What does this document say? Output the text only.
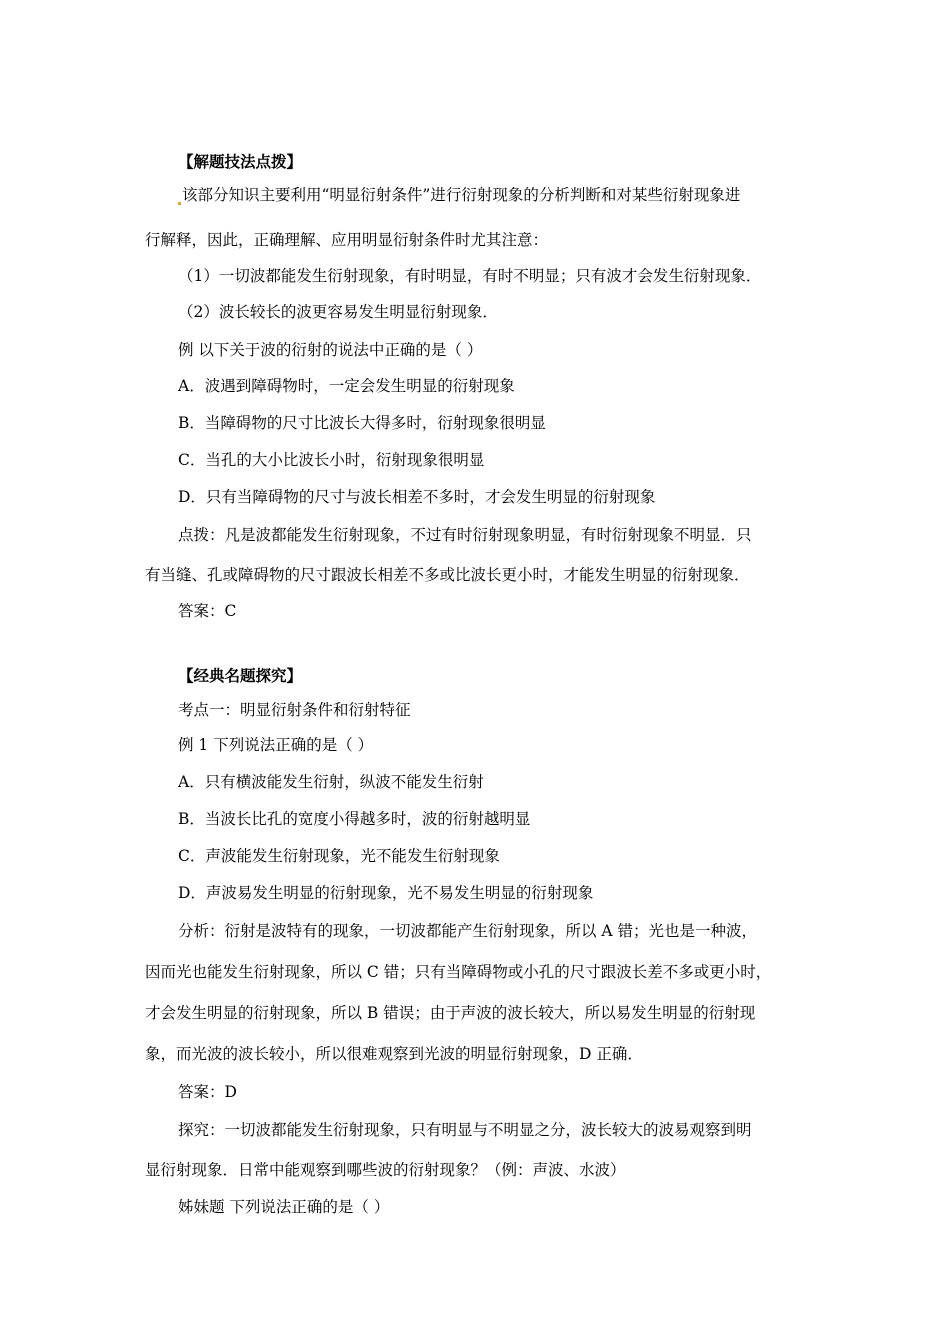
【解题技法点拨】
该部分知识主要利用“明显衍射条件”进行衍射现象的分析判断和对某些衍射现象进
行解释，因此，正确理解、应用明显衍射条件时尤其注意：
（1）一切波都能发生衍射现象，有时明显，有时不明显；只有波才会发生衍射现象．
（2）波长较长的波更容易发生明显衍射现象．
例 以下关于波的衍射的说法中正确的是（ ）
A．波遇到障碍物时，一定会发生明显的衍射现象
B．当障碍物的尺寸比波长大得多时，衍射现象很明显
C．当孔的大小比波长小时，衍射现象很明显
D．只有当障碍物的尺寸与波长相差不多时，才会发生明显的衍射现象
点拨：凡是波都能发生衍射现象，不过有时衍射现象明显，有时衍射现象不明显．只
有当缝、孔或障碍物的尺寸跟波长相差不多或比波长更小时，才能发生明显的衍射现象．
答案：C
【经典名题探究】
考点一：明显衍射条件和衍射特征
例 1 下列说法正确的是（ ）
A．只有横波能发生衍射，纵波不能发生衍射
B．当波长比孔的宽度小得越多时，波的衍射越明显
C．声波能发生衍射现象，光不能发生衍射现象
D．声波易发生明显的衍射现象，光不易发生明显的衍射现象
分析：衍射是波特有的现象，一切波都能产生衍射现象，所以 A 错；光也是一种波，
因而光也能发生衍射现象，所以 C 错；只有当障碍物或小孔的尺寸跟波长差不多或更小时，
才会发生明显的衍射现象，所以 B 错误；由于声波的波长较大，所以易发生明显的衍射现
象，而光波的波长较小，所以很难观察到光波的明显衍射现象，D 正确．
答案：D
探究：一切波都能发生衍射现象，只有明显与不明显之分，波长较大的波易观察到明
显衍射现象．日常中能观察到哪些波的衍射现象？（例：声波、水波）
姊妹题 下列说法正确的是（ ）
